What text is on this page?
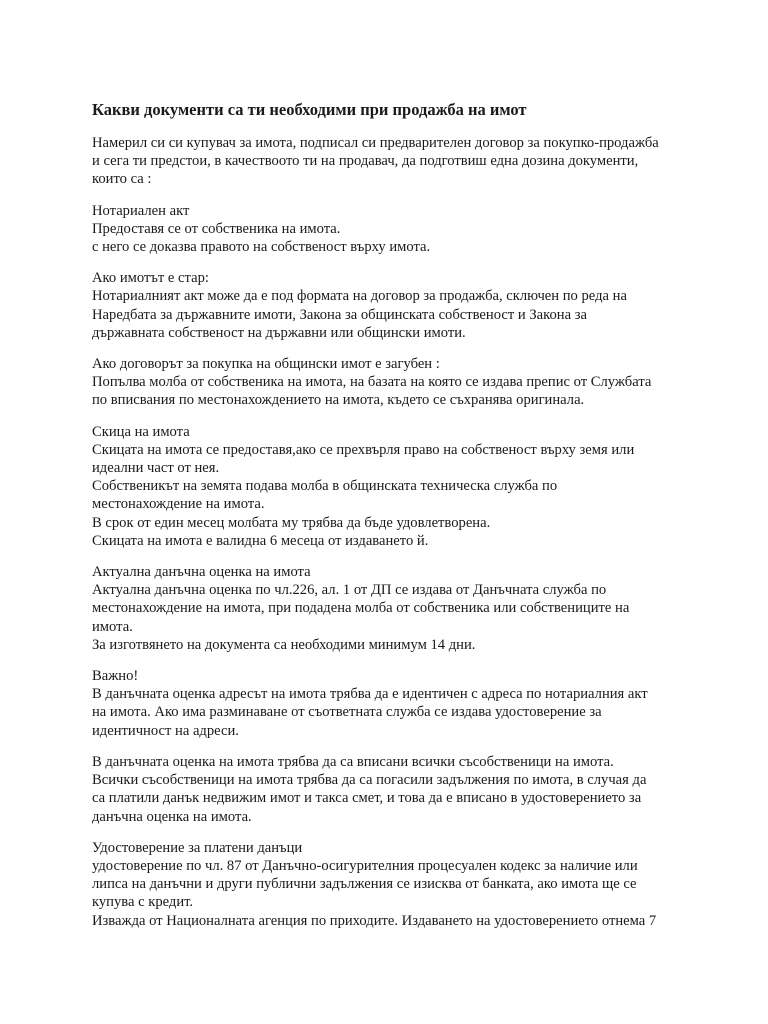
Какви документи са ти необходими при продажба на имот
Намерил си си купувач за имота, подписал си предварителен договор за покупко-продажба
и сега ти предстои, в качествоото ти на продавач, да подготвиш една дозина документи,
които са :
Нотариален акт
Предоставя се от собственика на имота.
с него се доказва правото на собственост върху имота.
Ако имотът е стар:
Нотариалният акт може да е под формата на договор за продажба, сключен по реда на
Наредбата за държавните имоти, Закона за общинската собственост и Закона за
държавната собственост на държавни или общински имоти.
Ако договорът за покупка на общински имот е загубен :
Попълва молба от собственика на имота, на базата на която се издава препис от Службата
по вписвания по местонахождението на имота, където се съхранява оригинала.
Скица на имота
Скицата на имота се предоставя,ако се прехвърля право на собственост върху земя или
идеални част от нея.
Собственикът на земята подава молба в общинската техническа служба по
местонахождение на имота.
В срок от един месец молбата му трябва да бъде удовлетворена.
Скицата на имота е валидна 6 месеца от издаването й.
Актуална данъчна оценка на имота
Актуална данъчна оценка по чл.226, ал. 1 от ДП се издава от Данъчната служба по
местонахождение на имота, при подадена молба от собственика или собствениците на
имота.
За изготвянето на документа са необходими минимум 14 дни.
Важно!
В данъчната оценка адресът на имота трябва да е идентичен с адреса по нотариалния акт
на имота. Ако има разминаване от съответната служба се издава удостоверение за
идентичност на адреси.
В данъчната оценка на имота трябва да са вписани всички съсобственици на имота.
Всички съсобственици на имота трябва да са погасили задължения по имота, в случая да
са платили данък недвижим имот и такса смет, и това да е вписано в удостоверението за
данъчна оценка на имота.
Удостоверение за платени данъци
удостоверение по чл. 87 от Данъчно-осигурителния процесуален кодекс за наличие или
липса на данъчни и други публични задължения се изисква от банката, ако имота ще се
купува с кредит.
Изважда от Националната агенция по приходите. Издаването на удостоверението отнема 7
